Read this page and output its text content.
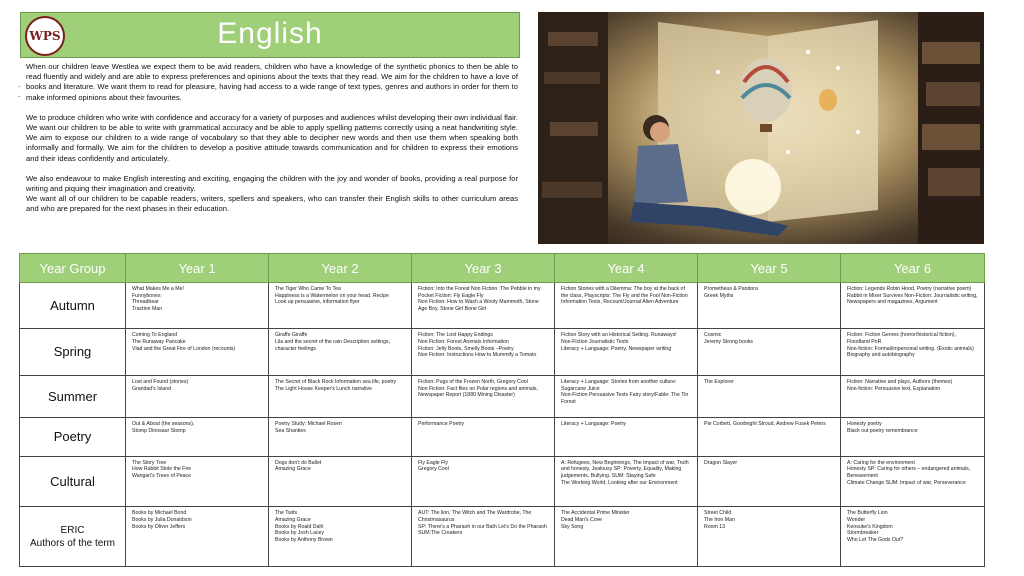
WPS	English
.
.

When our children leave Westlea we expect them to be avid readers, children who have a knowledge of the synthetic phonics to then be able to read fluently and widely and are able to express preferences and opinions about the texts that they read. We aim for the children to have a love of books and literature. We want them to read for pleasure, having had access to a wide range of text types, genres and authors in order for them to make informed opinions about their favourites.

We to produce children who write with confidence and accuracy for a variety of purposes and audiences whilst developing their own individual flair. We want our children to be able to write with grammatical accuracy and be able to apply spelling patterns correctly using a neat handwriting style. We aim to expose our children to a wide range of vocabulary so that they able to decipher new words and then use them when speaking both informally and formally. We aim for the children to develop a positive attitude towards communication and for children to express their emotions and their ideas confidently and articulately.

We also endeavour to make English interesting and exciting, engaging the children with the joy and wonder of books, providing a real purpose for writing and piquing their imagination and creativity.

We want all of our children to be capable readers, writers, spellers and speakers, who can transfer their English skills to other curriculum areas and who are prepared for the next phases in their education.

Year Group	Year 1	Year 2	Year 3	Year 4	Year 5	Year 6
Autumn	What Makes Me a Me!
Funnybones
Threadbear
Traction Man	The Tiger Who Came To Tea
Happiness is a Watermelon on your head. Recipe
Look up persuasive, information flyer	Fiction: Into the Forest Non Fiction :The Pebble in my Pocket Fiction: Fly Eagle Fly
Non Fiction: How to Wash a Wooly Mammoth, Stone Age Boy, Stone Girl Bone Girl	Fiction Stories with a Dilemma: The boy at the back of the class, Playscripts: The Fly and the Fool Non-Fiction Information Texts, Recount/Journal Alien Adventure	Prometheus & Pandora
Greek Myths	Fiction: Legends Robin Hood, Poetry (narrative poem) Rabbit in Mixer Survives Non-Fiction: Journalistic writing, Newspapers and magazines, Argument

Spring	Coming To England
The Runaway Pancake
Vlad and the Great Fire of London (recounts)	Giraffe Giraffe
Lila and the secret of the rain Description settings, character feelings	Fiction: The Lost Happy Endings
Non Fiction: Forest Animals Information
Fiction: Jelly Boots, Smelly Boots –Poetry
Non Fiction: Instructions How to Mummify a Tomato	Fiction Story with an Historical Setting. Runaways!
Non-Fiction Journalistic Texts
Literacy + Language: Poetry, Newspaper writing	Cosmic
Jeremy Strong books	Fiction: Fiction Genres (horror/historical fiction), Floodland PoR
Non-fiction: Formal/impersonal writing. (Exotic animals) Biography and autobiography

Summer	Lost and Found (stories)
Grandad's Island	The Secret of Black Rock Information sea life, poetry
The Light House Keeper's Lunch narrative	Fiction: Pugs of the Frozen North, Gregory Cool
Non Fiction: Fact files on Polar regions and animals, Newspaper Report (1880 Mining Disaster)	Literacy + Language: Stories from another culture: Sugarcane Juice
Non-Fiction Persuasive Texts Fairy story/Fable: The Tin Forest	The Explorer	Fiction: Narrative and plays, Authors (themes)
Non-fiction: Persuasive text, Explanation

Poetry	Out & About (the seasons),
Stomp Dinosaur Stomp	Poetry Study: Michael Rosen
Sea Shanties	Performance Poetry	Literacy + Language: Poetry	Pie Corbett, Goodnight Stroud, Andrew Fusek Peters	Honesty poetry
Black out poetry remembrance

Cultural	The Story Tree
How Rabbit Stole the Fire
Wangari's Trees of Peace	Dogs don't do Ballet
Amazing Grace	Fly Eagle Fly
Gregory Cool	A: Refugees, New Beginnings, The Impact of war, Truth and honesty, Jealousy SP: Poverty, Equality, Making judgements, Bullying. SUM: Staying Safe
The Working World, Looking after our Environment	Dragon Slayer	A: Caring for the environment
Honesty SP: Caring for others – endangered animals, Bereavement
Climate Change SUM: Impact of war, Perseverance

ERIC
Authors of the term	Books by Michael Bond
Books by Julia Donaldson
Books by Oliver Jeffers	The Twits
Amazing Grace
Books by Roald Dahl
Books by Josh Lacey
Books by Anthony Brown	AUT: The lion, The Witch and The Wardrobe, The Christmasaurus
SP: There's a Pharaoh in our Bath Let's Do the Pharaoh
SUM:The Creakers	The Accidental Prime Minister
Dead Man's Cove
Sky Song	Street Child
The Iron Man
Room 13	The Butterfly Lion
Wonder
Kensuke's Kingdom
Stormbreaker
Who Let The Gods Out?
